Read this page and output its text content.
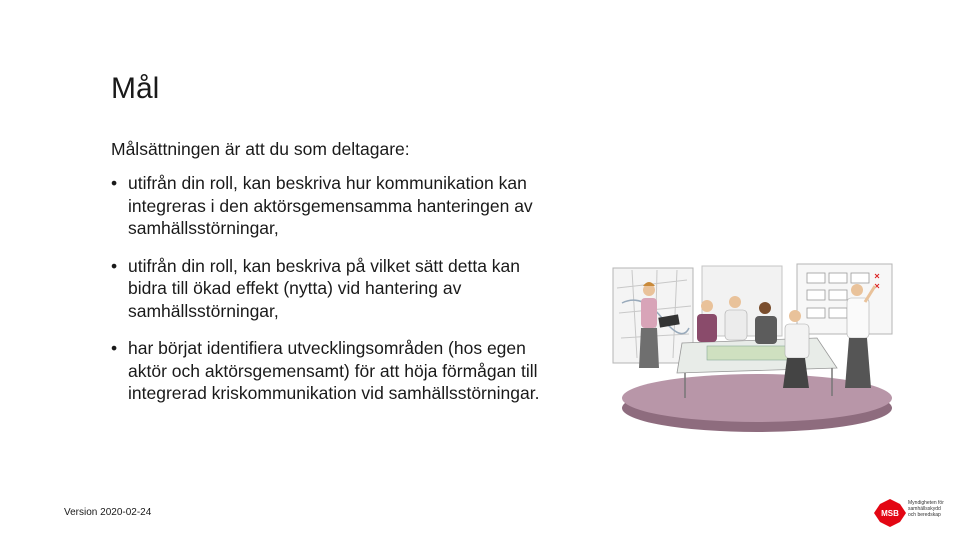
Mål

Målsättningen är att du som deltagare:

• utifrån din roll, kan beskriva hur kommunikation kan integreras i den aktörsgemensamma hanteringen av samhällsstörningar,
• utifrån din roll, kan beskriva på vilket sätt detta kan bidra till ökad effekt (nytta) vid hantering av samhällsstörningar,
• har börjat identifiera utvecklingsområden (hos egen aktör och aktörsgemensamt) för att höja förmågan till integrerad kriskommunikation vid samhällsstörningar.
Version 2020-02-24	MSB
Myndigheten för
samhällsskydd
och beredskap
